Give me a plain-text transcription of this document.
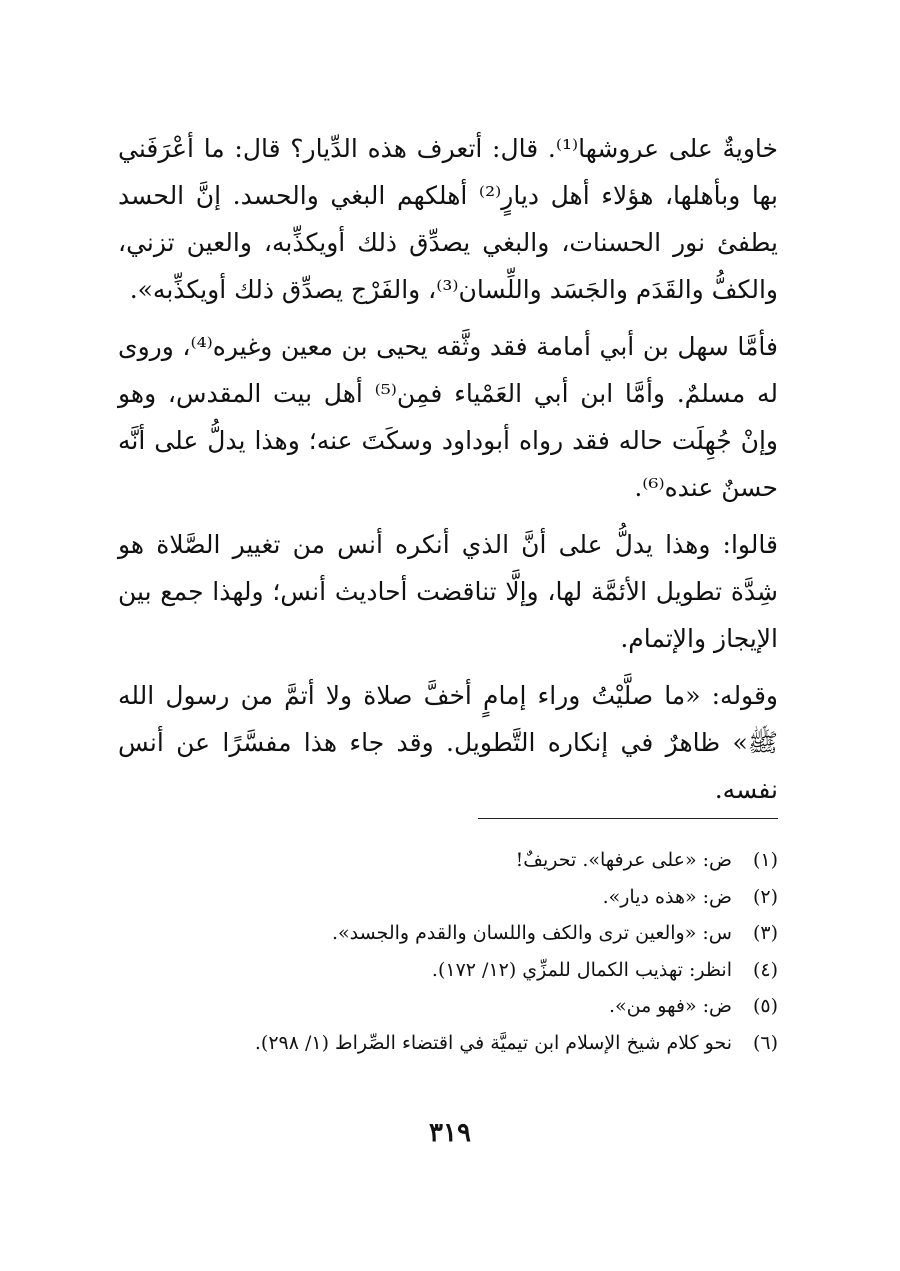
خاويةٌ على عروشها⁽¹⁾. قال: أتعرف هذه الدِّيار؟ قال: ما أعْرَفَني بها وبأهلها، هؤلاء أهل ديارٍ⁽²⁾ أهلكهم البغي والحسد. إنَّ الحسد يطفئ نور الحسنات، والبغي يصدِّق ذلك أويكذِّبه، والعين تزني، والكفُّ والقَدَم والجَسَد واللِّسان⁽³⁾، والفَرْج يصدِّق ذلك أويكذِّبه».

فأمَّا سهل بن أبي أمامة فقد وثَّقه يحيى بن معين وغيره⁽⁴⁾، وروى له مسلمٌ. وأمَّا ابن أبي العَمْياء فمِن⁽⁵⁾ أهل بيت المقدس، وهو وإنْ جُهِلَت حاله فقد رواه أبوداود وسكَتَ عنه؛ وهذا يدلُّ على أنَّه حسنٌ عنده⁽⁶⁾.

قالوا: وهذا يدلُّ على أنَّ الذي أنكره أنس من تغيير الصَّلاة هو شِدَّة تطويل الأئمَّة لها، وإلَّا تناقضت أحاديث أنس؛ ولهذا جمع بين الإيجاز والإتمام.

وقوله: «ما صلَّيْتُ وراء إمامٍ أخفَّ صلاة ولا أتمَّ من رسول الله ﷺ» ظاهرٌ في إنكاره التَّطويل. وقد جاء هذا مفسَّرًا عن أنس نفسه.

(١)
ض: «على عرفها». تحريفٌ!
(٢)
ض: «هذه ديار».
(٣)
س: «والعين ترى والكف واللسان والقدم والجسد».
(٤)
انظر: تهذيب الكمال للمزِّي (١٢/ ١٧٢).
(٥)
ض: «فهو من».
(٦)
نحو كلام شيخ الإسلام ابن تيميَّة في اقتضاء الصِّراط (١/ ٢٩٨).
٣١٩
